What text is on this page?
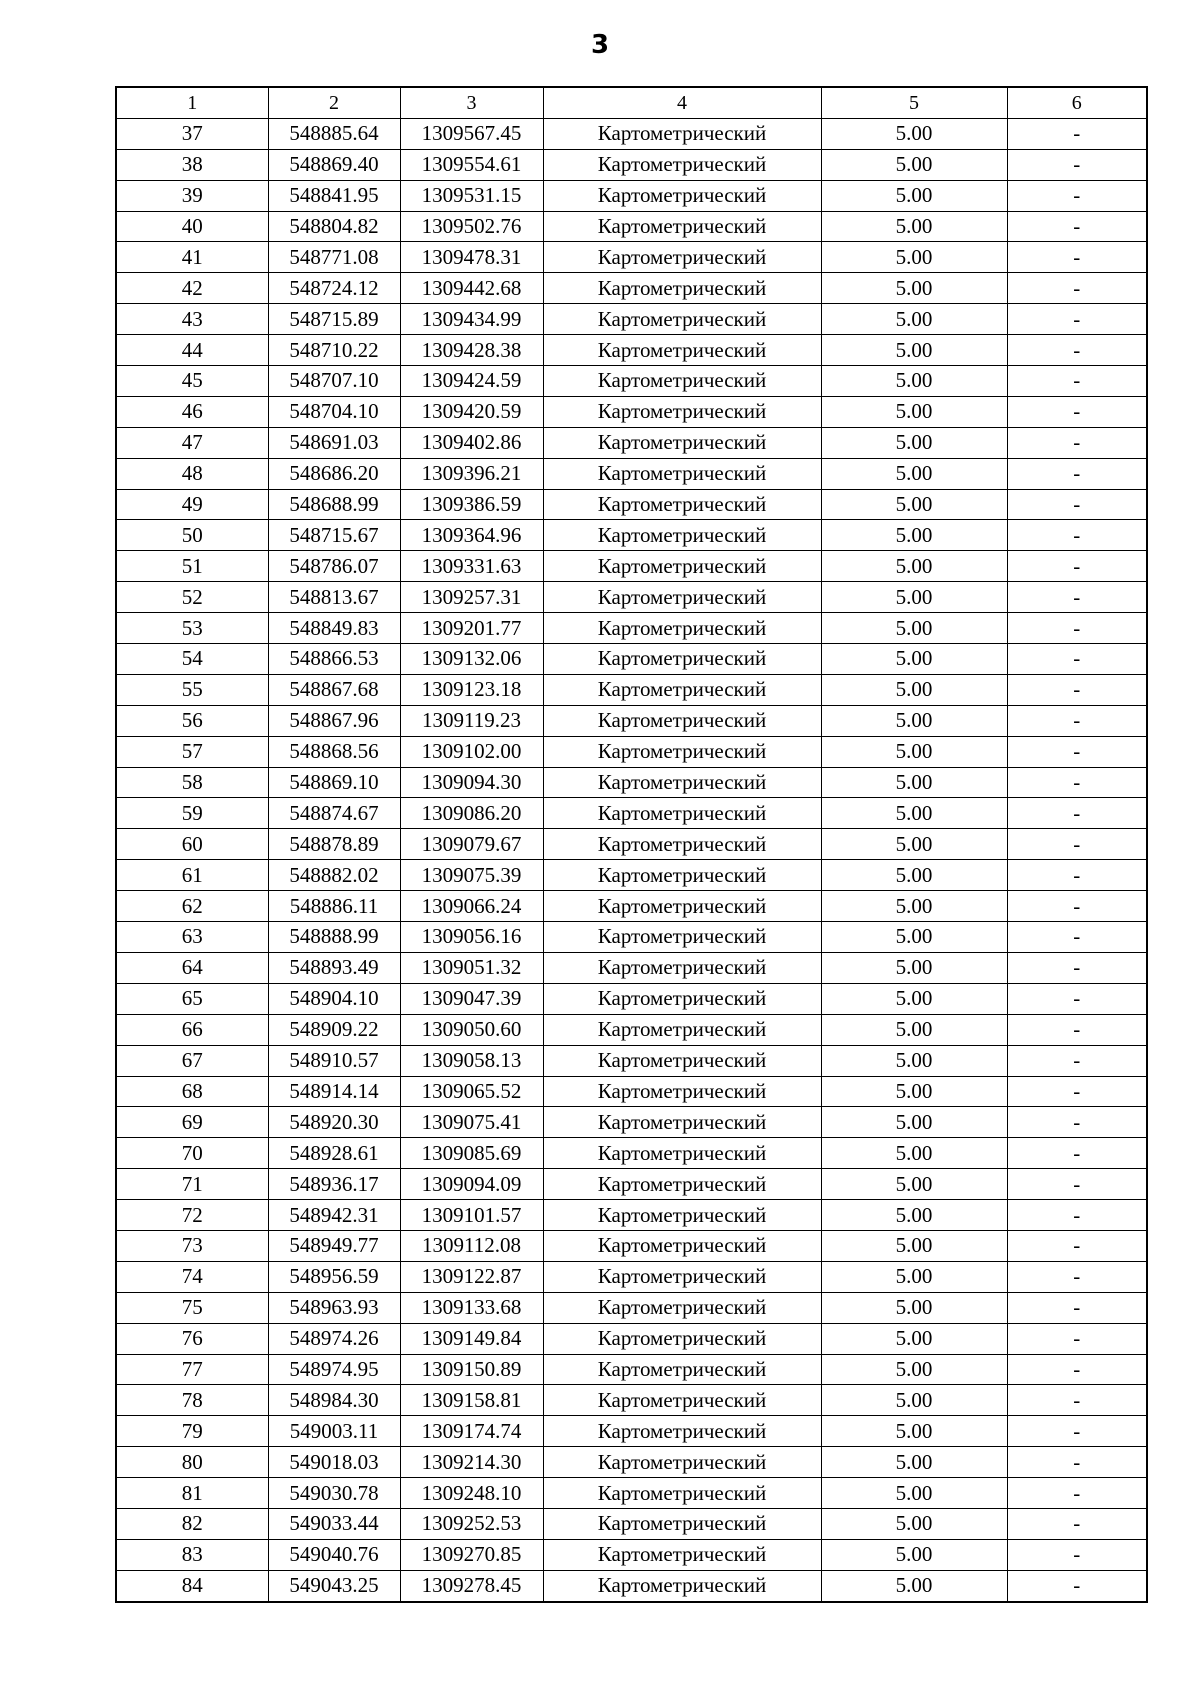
3
1	2	3	4	5	6
37	548885.64	1309567.45	Картометрический	5.00	-
38	548869.40	1309554.61	Картометрический	5.00	-
39	548841.95	1309531.15	Картометрический	5.00	-
40	548804.82	1309502.76	Картометрический	5.00	-
41	548771.08	1309478.31	Картометрический	5.00	-
42	548724.12	1309442.68	Картометрический	5.00	-
43	548715.89	1309434.99	Картометрический	5.00	-
44	548710.22	1309428.38	Картометрический	5.00	-
45	548707.10	1309424.59	Картометрический	5.00	-
46	548704.10	1309420.59	Картометрический	5.00	-
47	548691.03	1309402.86	Картометрический	5.00	-
48	548686.20	1309396.21	Картометрический	5.00	-
49	548688.99	1309386.59	Картометрический	5.00	-
50	548715.67	1309364.96	Картометрический	5.00	-
51	548786.07	1309331.63	Картометрический	5.00	-
52	548813.67	1309257.31	Картометрический	5.00	-
53	548849.83	1309201.77	Картометрический	5.00	-
54	548866.53	1309132.06	Картометрический	5.00	-
55	548867.68	1309123.18	Картометрический	5.00	-
56	548867.96	1309119.23	Картометрический	5.00	-
57	548868.56	1309102.00	Картометрический	5.00	-
58	548869.10	1309094.30	Картометрический	5.00	-
59	548874.67	1309086.20	Картометрический	5.00	-
60	548878.89	1309079.67	Картометрический	5.00	-
61	548882.02	1309075.39	Картометрический	5.00	-
62	548886.11	1309066.24	Картометрический	5.00	-
63	548888.99	1309056.16	Картометрический	5.00	-
64	548893.49	1309051.32	Картометрический	5.00	-
65	548904.10	1309047.39	Картометрический	5.00	-
66	548909.22	1309050.60	Картометрический	5.00	-
67	548910.57	1309058.13	Картометрический	5.00	-
68	548914.14	1309065.52	Картометрический	5.00	-
69	548920.30	1309075.41	Картометрический	5.00	-
70	548928.61	1309085.69	Картометрический	5.00	-
71	548936.17	1309094.09	Картометрический	5.00	-
72	548942.31	1309101.57	Картометрический	5.00	-
73	548949.77	1309112.08	Картометрический	5.00	-
74	548956.59	1309122.87	Картометрический	5.00	-
75	548963.93	1309133.68	Картометрический	5.00	-
76	548974.26	1309149.84	Картометрический	5.00	-
77	548974.95	1309150.89	Картометрический	5.00	-
78	548984.30	1309158.81	Картометрический	5.00	-
79	549003.11	1309174.74	Картометрический	5.00	-
80	549018.03	1309214.30	Картометрический	5.00	-
81	549030.78	1309248.10	Картометрический	5.00	-
82	549033.44	1309252.53	Картометрический	5.00	-
83	549040.76	1309270.85	Картометрический	5.00	-
84	549043.25	1309278.45	Картометрический	5.00	-
